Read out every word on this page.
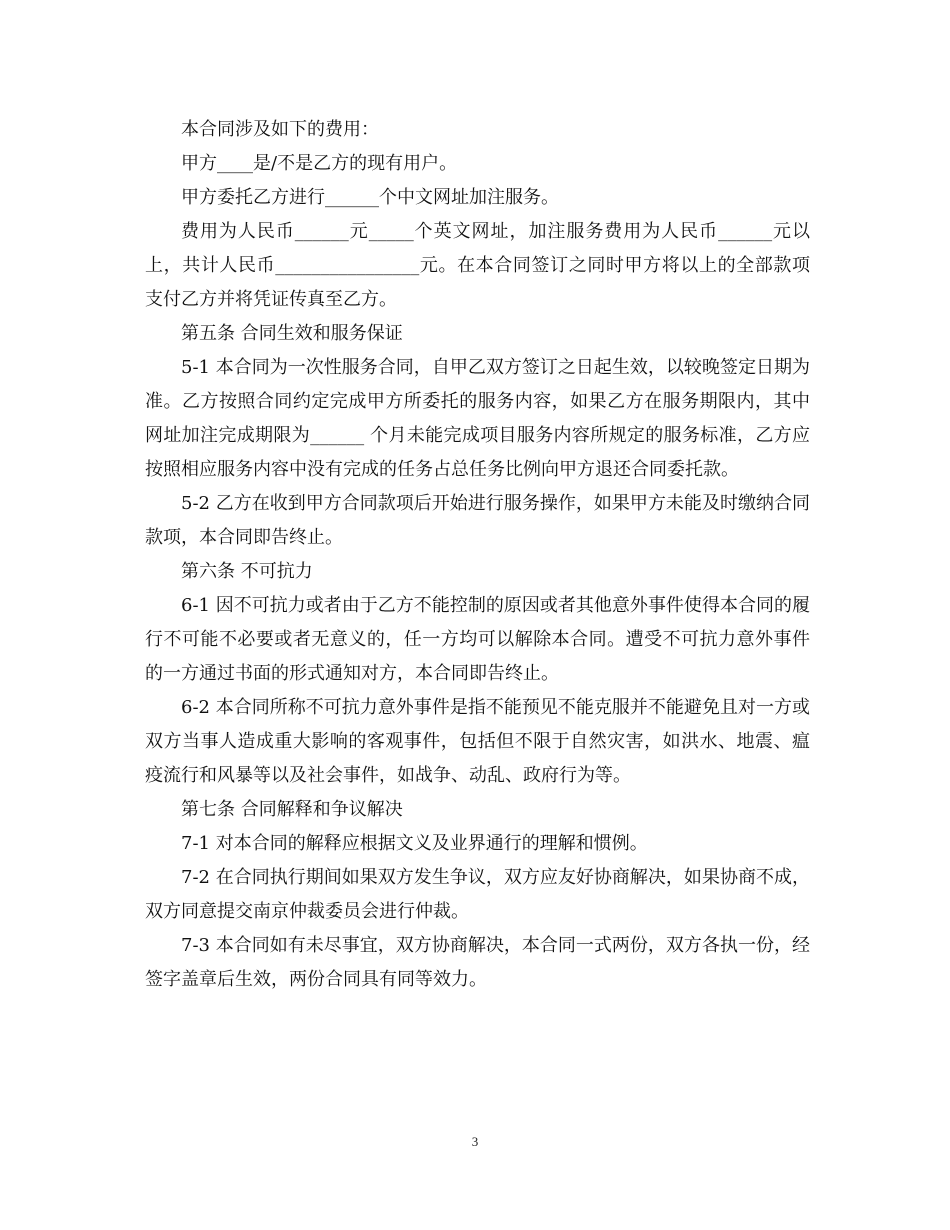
本合同涉及如下的费用：

甲方____是/不是乙方的现有用户。

甲方委托乙方进行______个中文网址加注服务。

费用为人民币______元_____个英文网址，加注服务费用为人民币______元以上，共计人民币________________元。在本合同签订之同时甲方将以上的全部款项支付乙方并将凭证传真至乙方。

第五条 合同生效和服务保证

5-1 本合同为一次性服务合同，自甲乙双方签订之日起生效，以较晚签定日期为准。乙方按照合同约定完成甲方所委托的服务内容，如果乙方在服务期限内，其中网址加注完成期限为______ 个月未能完成项目服务内容所规定的服务标准，乙方应按照相应服务内容中没有完成的任务占总任务比例向甲方退还合同委托款。

5-2 乙方在收到甲方合同款项后开始进行服务操作，如果甲方未能及时缴纳合同款项，本合同即告终止。

第六条 不可抗力

6-1 因不可抗力或者由于乙方不能控制的原因或者其他意外事件使得本合同的履行不可能不必要或者无意义的，任一方均可以解除本合同。遭受不可抗力意外事件的一方通过书面的形式通知对方，本合同即告终止。

6-2 本合同所称不可抗力意外事件是指不能预见不能克服并不能避免且对一方或双方当事人造成重大影响的客观事件，包括但不限于自然灾害，如洪水、地震、瘟疫流行和风暴等以及社会事件，如战争、动乱、政府行为等。

第七条 合同解释和争议解决

7-1 对本合同的解释应根据文义及业界通行的理解和惯例。

7-2 在合同执行期间如果双方发生争议，双方应友好协商解决，如果协商不成，双方同意提交南京仲裁委员会进行仲裁。

7-3 本合同如有未尽事宜，双方协商解决，本合同一式两份，双方各执一份，经签字盖章后生效，两份合同具有同等效力。

3
